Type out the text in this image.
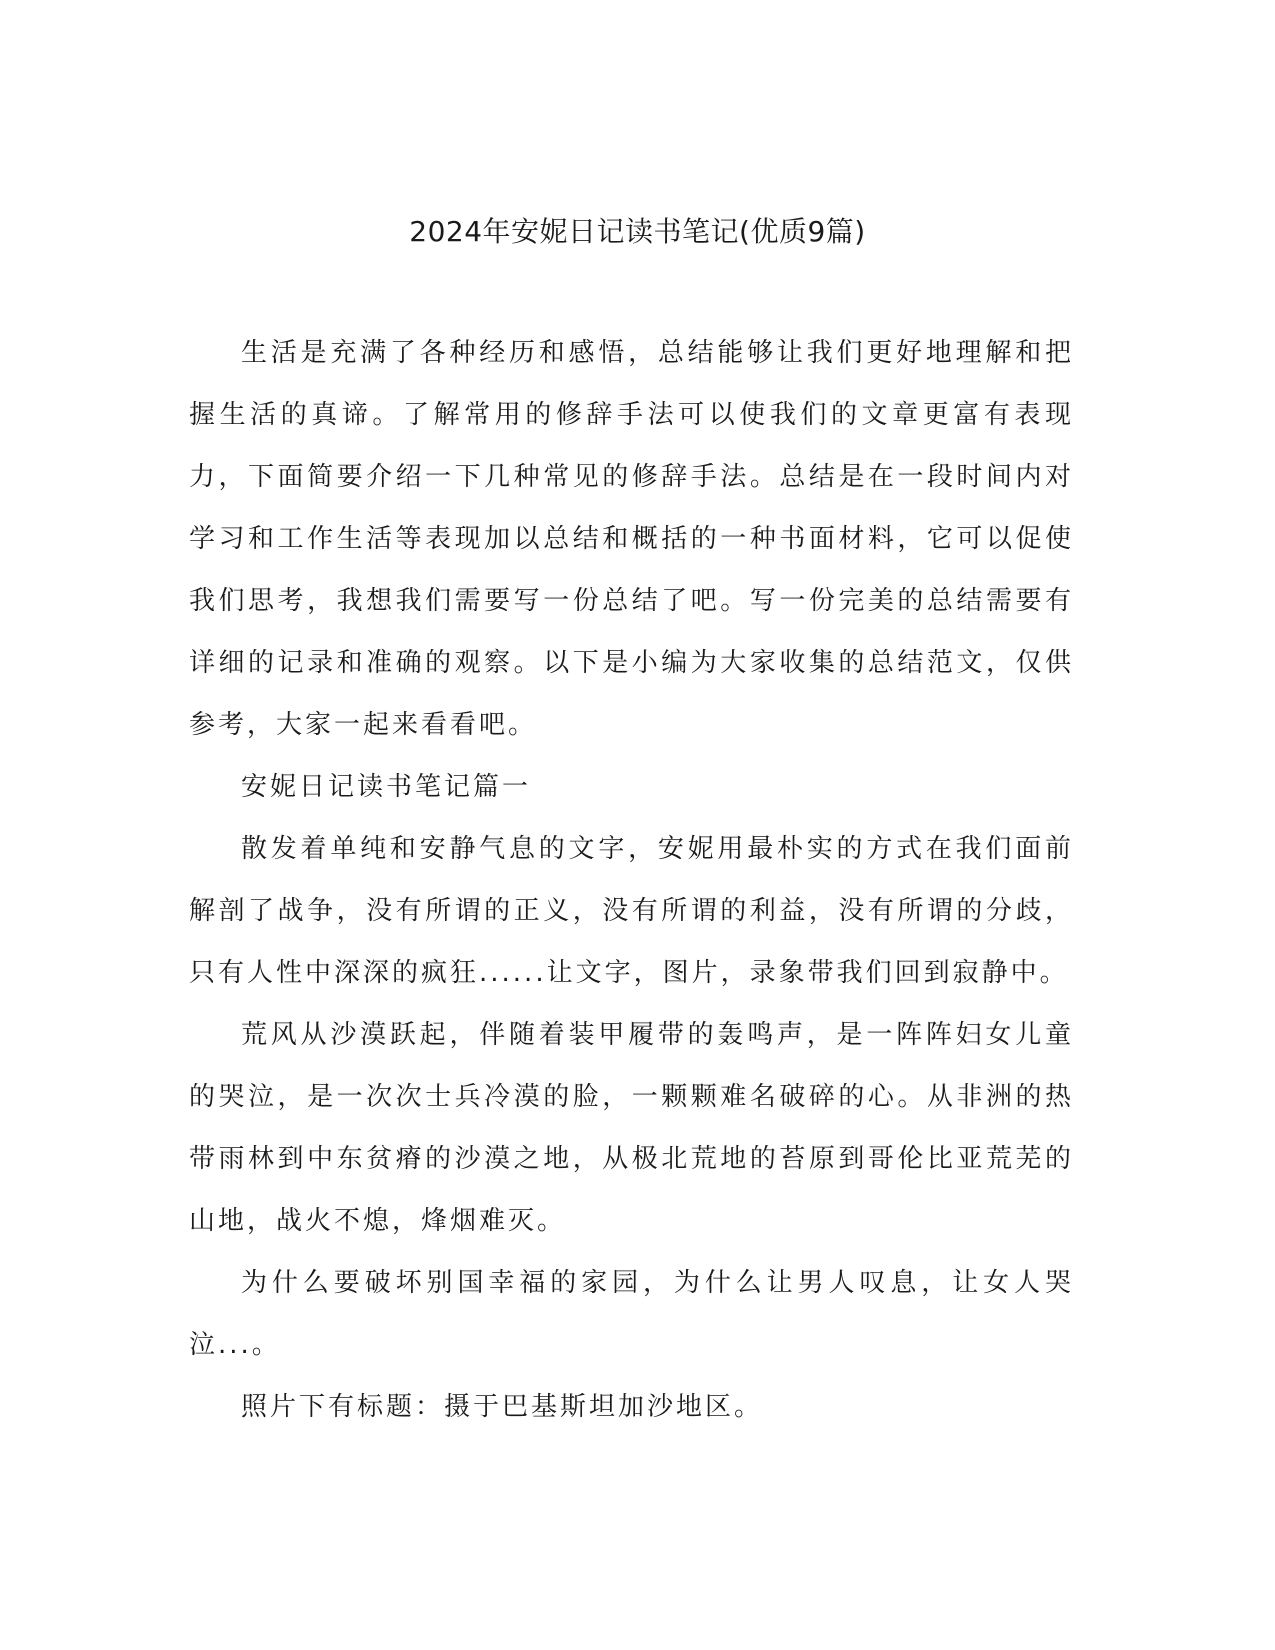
2024年安妮日记读书笔记(优质9篇)

生活是充满了各种经历和感悟，总结能够让我们更好地理解和把握生活的真谛。了解常用的修辞手法可以使我们的文章更富有表现力，下面简要介绍一下几种常见的修辞手法。总结是在一段时间内对学习和工作生活等表现加以总结和概括的一种书面材料，它可以促使我们思考，我想我们需要写一份总结了吧。写一份完美的总结需要有详细的记录和准确的观察。以下是小编为大家收集的总结范文，仅供参考，大家一起来看看吧。

安妮日记读书笔记篇一

散发着单纯和安静气息的文字，安妮用最朴实的方式在我们面前解剖了战争，没有所谓的正义，没有所谓的利益，没有所谓的分歧，只有人性中深深的疯狂......让文字，图片，录象带我们回到寂静中。

荒风从沙漠跃起，伴随着装甲履带的轰鸣声，是一阵阵妇女儿童的哭泣，是一次次士兵冷漠的脸，一颗颗难名破碎的心。从非洲的热带雨林到中东贫瘠的沙漠之地，从极北荒地的苔原到哥伦比亚荒芜的山地，战火不熄，烽烟难灭。

为什么要破坏别国幸福的家园，为什么让男人叹息，让女人哭泣...。

照片下有标题：摄于巴基斯坦加沙地区。
